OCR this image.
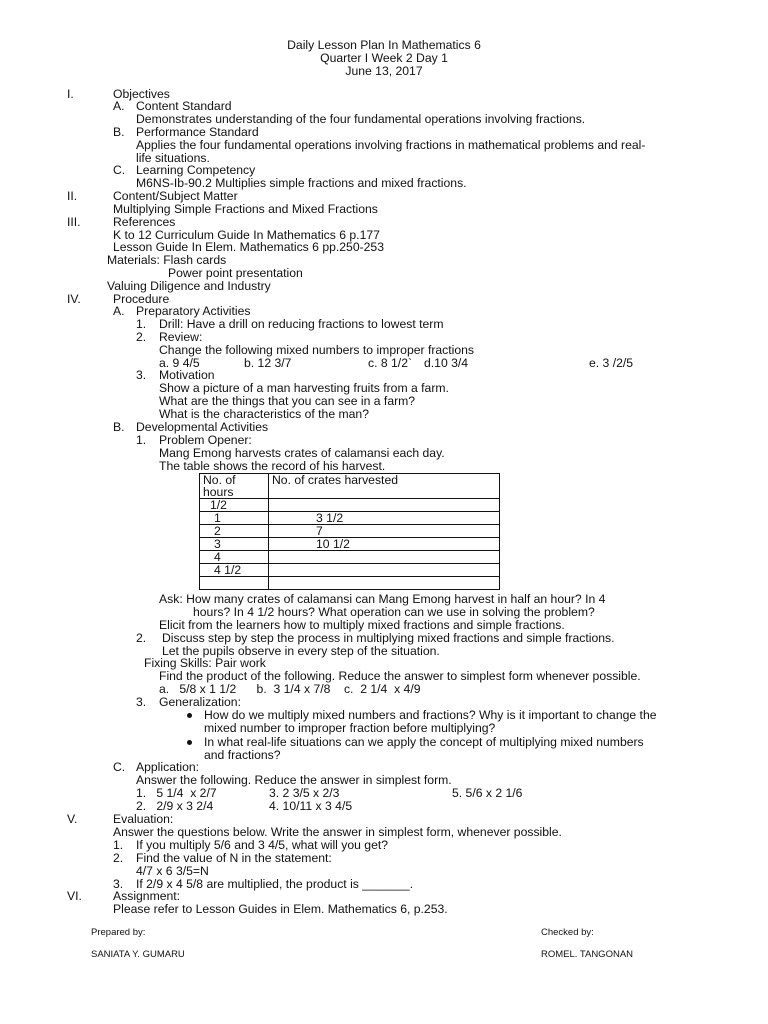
Daily Lesson Plan In Mathematics 6
Quarter I Week 2 Day 1
June 13, 2017
I.	Objectives
A. Content Standard
Demonstrates understanding of the four fundamental operations involving fractions.
B. Performance Standard
Applies the four fundamental operations involving fractions in mathematical problems and real-
life situations.
C. Learning Competency
M6NS-Ib-90.2 Multiplies simple fractions and mixed fractions.
II.	Content/Subject Matter
Multiplying Simple Fractions and Mixed Fractions
III.	References
K to 12 Curriculum Guide In Mathematics 6 p.177
Lesson Guide In Elem. Mathematics 6 pp.250-253
Materials: Flash cards
Power point presentation
Valuing Diligence and Industry
IV.	Procedure
A. Preparatory Activities
1. Drill: Have a drill on reducing fractions to lowest term
2. Review:
Change the following mixed numbers to improper fractions
a. 9 4/5	b. 12 3/7	c. 8 1/2` d.10 3/4	e. 3 /2/5
3. Motivation
Show a picture of a man harvesting fruits from a farm.
What are the things that you can see in a farm?
What is the characteristics of the man?
B. Developmental Activities
1. Problem Opener:
Mang Emong harvests crates of calamansi each day.
The table shows the record of his harvest.
No. of
hours	No. of crates harvested
1/2	
1	3 1/2
2	7
3	10 1/2
4	
4 1/2	

Ask: How many crates of calamansi can Mang Emong harvest in half an hour? In 4
hours? In 4 1/2 hours? What operation can we use in solving the problem?
Elicit from the learners how to multiply mixed fractions and simple fractions.
2. Discuss step by step the process in multiplying mixed fractions and simple fractions.
Let the pupils observe in every step of the situation.
Fixing Skills: Pair work
Find the product of the following. Reduce the answer to simplest form whenever possible.
a.   5/8 x 1 1/2      b.  3 1/4 x 7/8    c.  2 1/4  x 4/9
3. Generalization:
How do we multiply mixed numbers and fractions? Why is it important to change the
mixed number to improper fraction before multiplying?
In what real-life situations can we apply the concept of multiplying mixed numbers
and fractions?
C. Application:
Answer the following. Reduce the answer in simplest form.
1.   5 1/4  x 2/7	3. 2 3/5 x 2/3	5. 5/6 x 2 1/6
2.   2/9 x 3 2/4	4. 10/11 x 3 4/5
V.	Evaluation:
Answer the questions below. Write the answer in simplest form, whenever possible.
1. If you multiply 5/6 and 3 4/5, what will you get?
2. Find the value of N in the statement:
4/7 x 6 3/5=N
3. If 2/9 x 4 5/8 are multiplied, the product is _______.
VI.	Assignment:
Please refer to Lesson Guides in Elem. Mathematics 6, p.253.
Prepared by:	Checked by:
SANIATA Y. GUMARU	ROMEL. TANGONAN
